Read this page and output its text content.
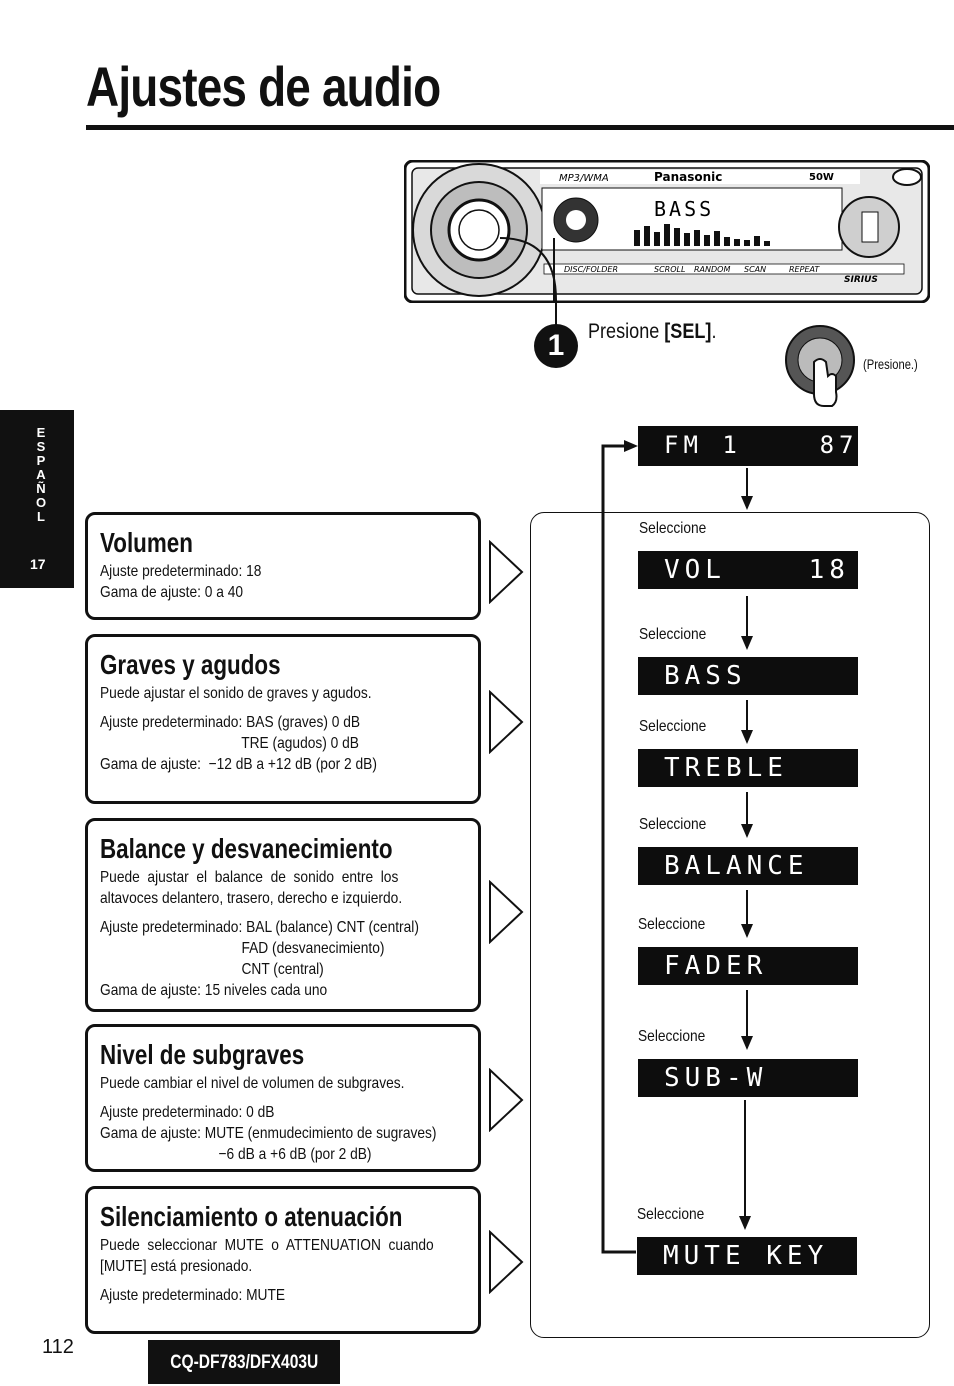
Ajustes de audio
E
S
P
A
Ñ
O
L
17
MP3/WMA	Panasonic
BASS
DISC/FOLDER	SCROLL RANDOM SCAN	REPEAT
SIRIUS
50W
1	Presione [SEL].
(Presione.)
FM 1    87.9
Seleccione
VOL    18
Seleccione
BASS
Seleccione
TREBLE
Seleccione
BALANCE
Seleccione
FADER
Seleccione
SUB-W
Seleccione
MUTE KEY
Volumen

Ajuste predeterminado: 18

Gama de ajuste: 0 a 40

Graves y agudos

Puede ajustar el sonido de graves y agudos.

Ajuste predeterminado: BAS (graves) 0 dB

TRE (agudos) 0 dB

Gama de ajuste:  −12 dB a +12 dB (por 2 dB)

Balance y desvanecimiento

Puede  ajustar  el  balance  de  sonido  entre  los
altavoces delantero, trasero, derecho e izquierdo.

Ajuste predeterminado: BAL (balance) CNT (central)

FAD (desvanecimiento)

CNT (central)

Gama de ajuste: 15 niveles cada uno

Nivel de subgraves

Puede cambiar el nivel de volumen de subgraves.

Ajuste predeterminado: 0 dB

Gama de ajuste: MUTE (enmudecimiento de sugraves)

−6 dB a +6 dB (por 2 dB)

Silenciamiento o atenuación

Puede  seleccionar  MUTE  o  ATTENUATION  cuando
[MUTE] está presionado.

Ajuste predeterminado: MUTE

112
CQ-DF783/DFX403U
